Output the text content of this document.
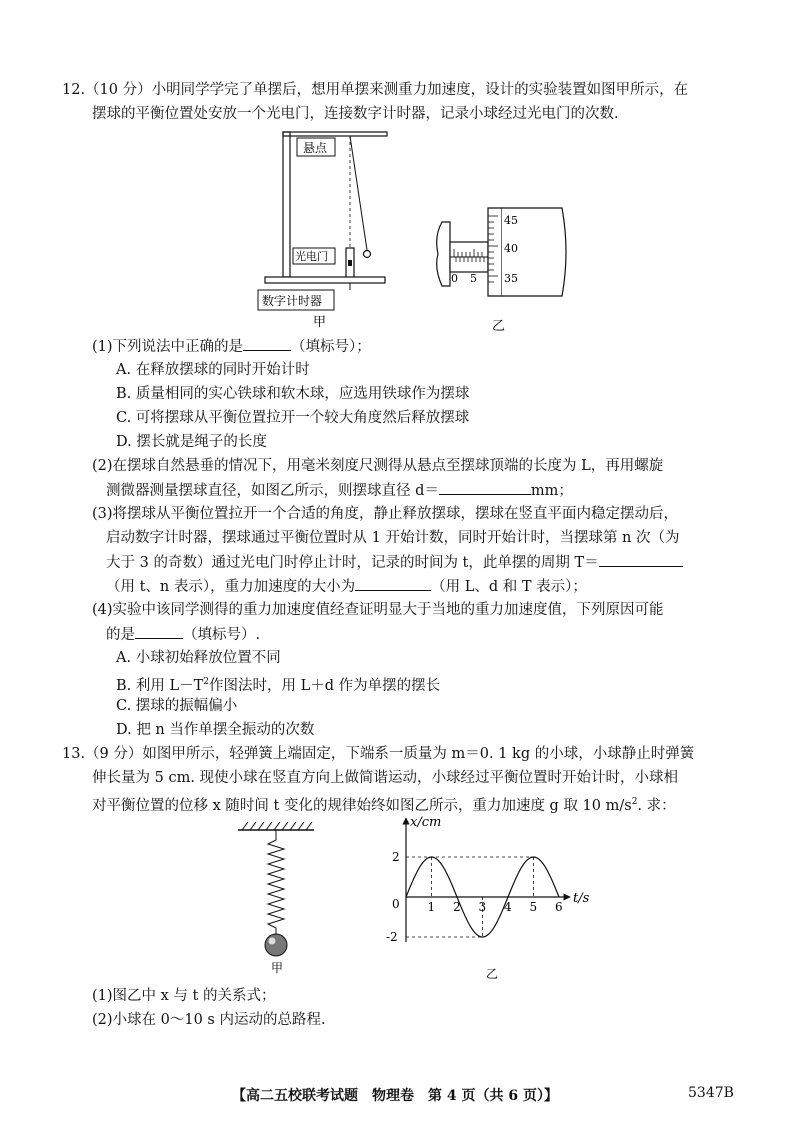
12.（10 分）小明同学学完了单摆后，想用单摆来测重力加速度，设计的实验装置如图甲所示，在
摆球的平衡位置处安放一个光电门，连接数字计时器，记录小球经过光电门的次数.
悬点
光电门
数字计时器
甲
0 5
45
40
35
乙
(1)下列说法中正确的是	（填标号）；
A. 在释放摆球的同时开始计时
B. 质量相同的实心铁球和软木球，应选用铁球作为摆球
C. 可将摆球从平衡位置拉开一个较大角度然后释放摆球
D. 摆长就是绳子的长度
(2)在摆球自然悬垂的情况下，用毫米刻度尺测得从悬点至摆球顶端的长度为 L，再用螺旋
测微器测量摆球直径，如图乙所示，则摆球直径 d＝	mm；
(3)将摆球从平衡位置拉开一个合适的角度，静止释放摆球，摆球在竖直平面内稳定摆动后，
启动数字计时器，摆球通过平衡位置时从 1 开始计数，同时开始计时，当摆球第 n 次（为
大于 3 的奇数）通过光电门时停止计时，记录的时间为 t，此单摆的周期 T＝
（用 t、n 表示），重力加速度的大小为	（用 L、d 和 T 表示）；
(4)实验中该同学测得的重力加速度值经查证明显大于当地的重力加速度值，下列原因可能
的是	（填标号）.
A. 小球初始释放位置不同
B. 利用 $L-T^2$作图法时，用 L＋d 作为单摆的摆长
C. 摆球的振幅偏小
D. 把 n 当作单摆全振动的次数
13.（9 分）如图甲所示，轻弹簧上端固定，下端系一质量为 m＝0. 1 kg 的小球，小球静止时弹簧
伸长量为 5 cm. 现使小球在竖直方向上做简谐运动，小球经过平衡位置时开始计时，小球相
对平衡位置的位移 x 随时间 t 变化的规律始终如图乙所示，重力加速度 g 取 10 $m/s^2$. 求：
甲
x/cm
t/s
0 1 2 3 4 5 6
2
-2
乙
(1)图乙中 x 与 t 的关系式；
(2)小球在 0～10 s 内运动的总路程.
【高二五校联考试题　物理卷　第 4 页（共 6 页）】	5347B
